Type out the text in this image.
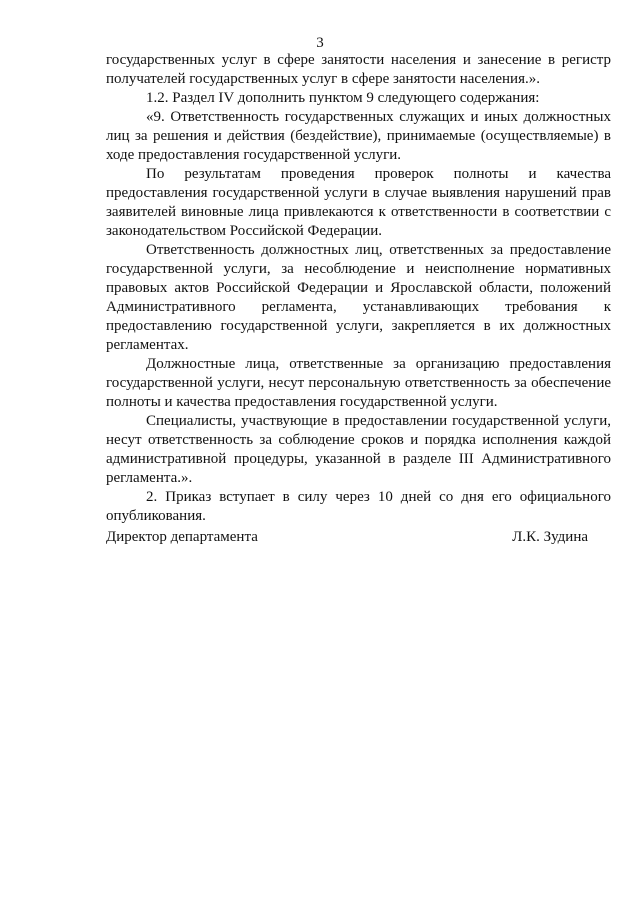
3

государственных услуг в сфере занятости населения и занесение в регистр получателей государственных услуг в сфере занятости населения.».

1.2. Раздел IV дополнить пунктом 9 следующего содержания:

«9. Ответственность государственных служащих и иных должностных лиц за решения и действия (бездействие), принимаемые (осуществляемые) в ходе предоставления государственной услуги.

По результатам проведения проверок полноты и качества предоставления государственной услуги в случае выявления нарушений прав заявителей виновные лица привлекаются к ответственности в соответствии с законодательством Российской Федерации.

Ответственность должностных лиц, ответственных за предоставление государственной услуги, за несоблюдение и неисполнение нормативных правовых актов Российской Федерации и Ярославской области, положений Административного регламента, устанавливающих требования к предоставлению государственной услуги, закрепляется в их должностных регламентах.

Должностные лица, ответственные за организацию предоставления государственной услуги, несут персональную ответственность за обеспечение полноты и качества предоставления государственной услуги.

Специалисты, участвующие в предоставлении государственной услуги, несут ответственность за соблюдение сроков и порядка исполнения каждой административной процедуры, указанной в разделе III Административного регламента.».

2. Приказ вступает в силу через 10 дней со дня его официального опубликования.

Директор департамента	Л.К. Зудина
